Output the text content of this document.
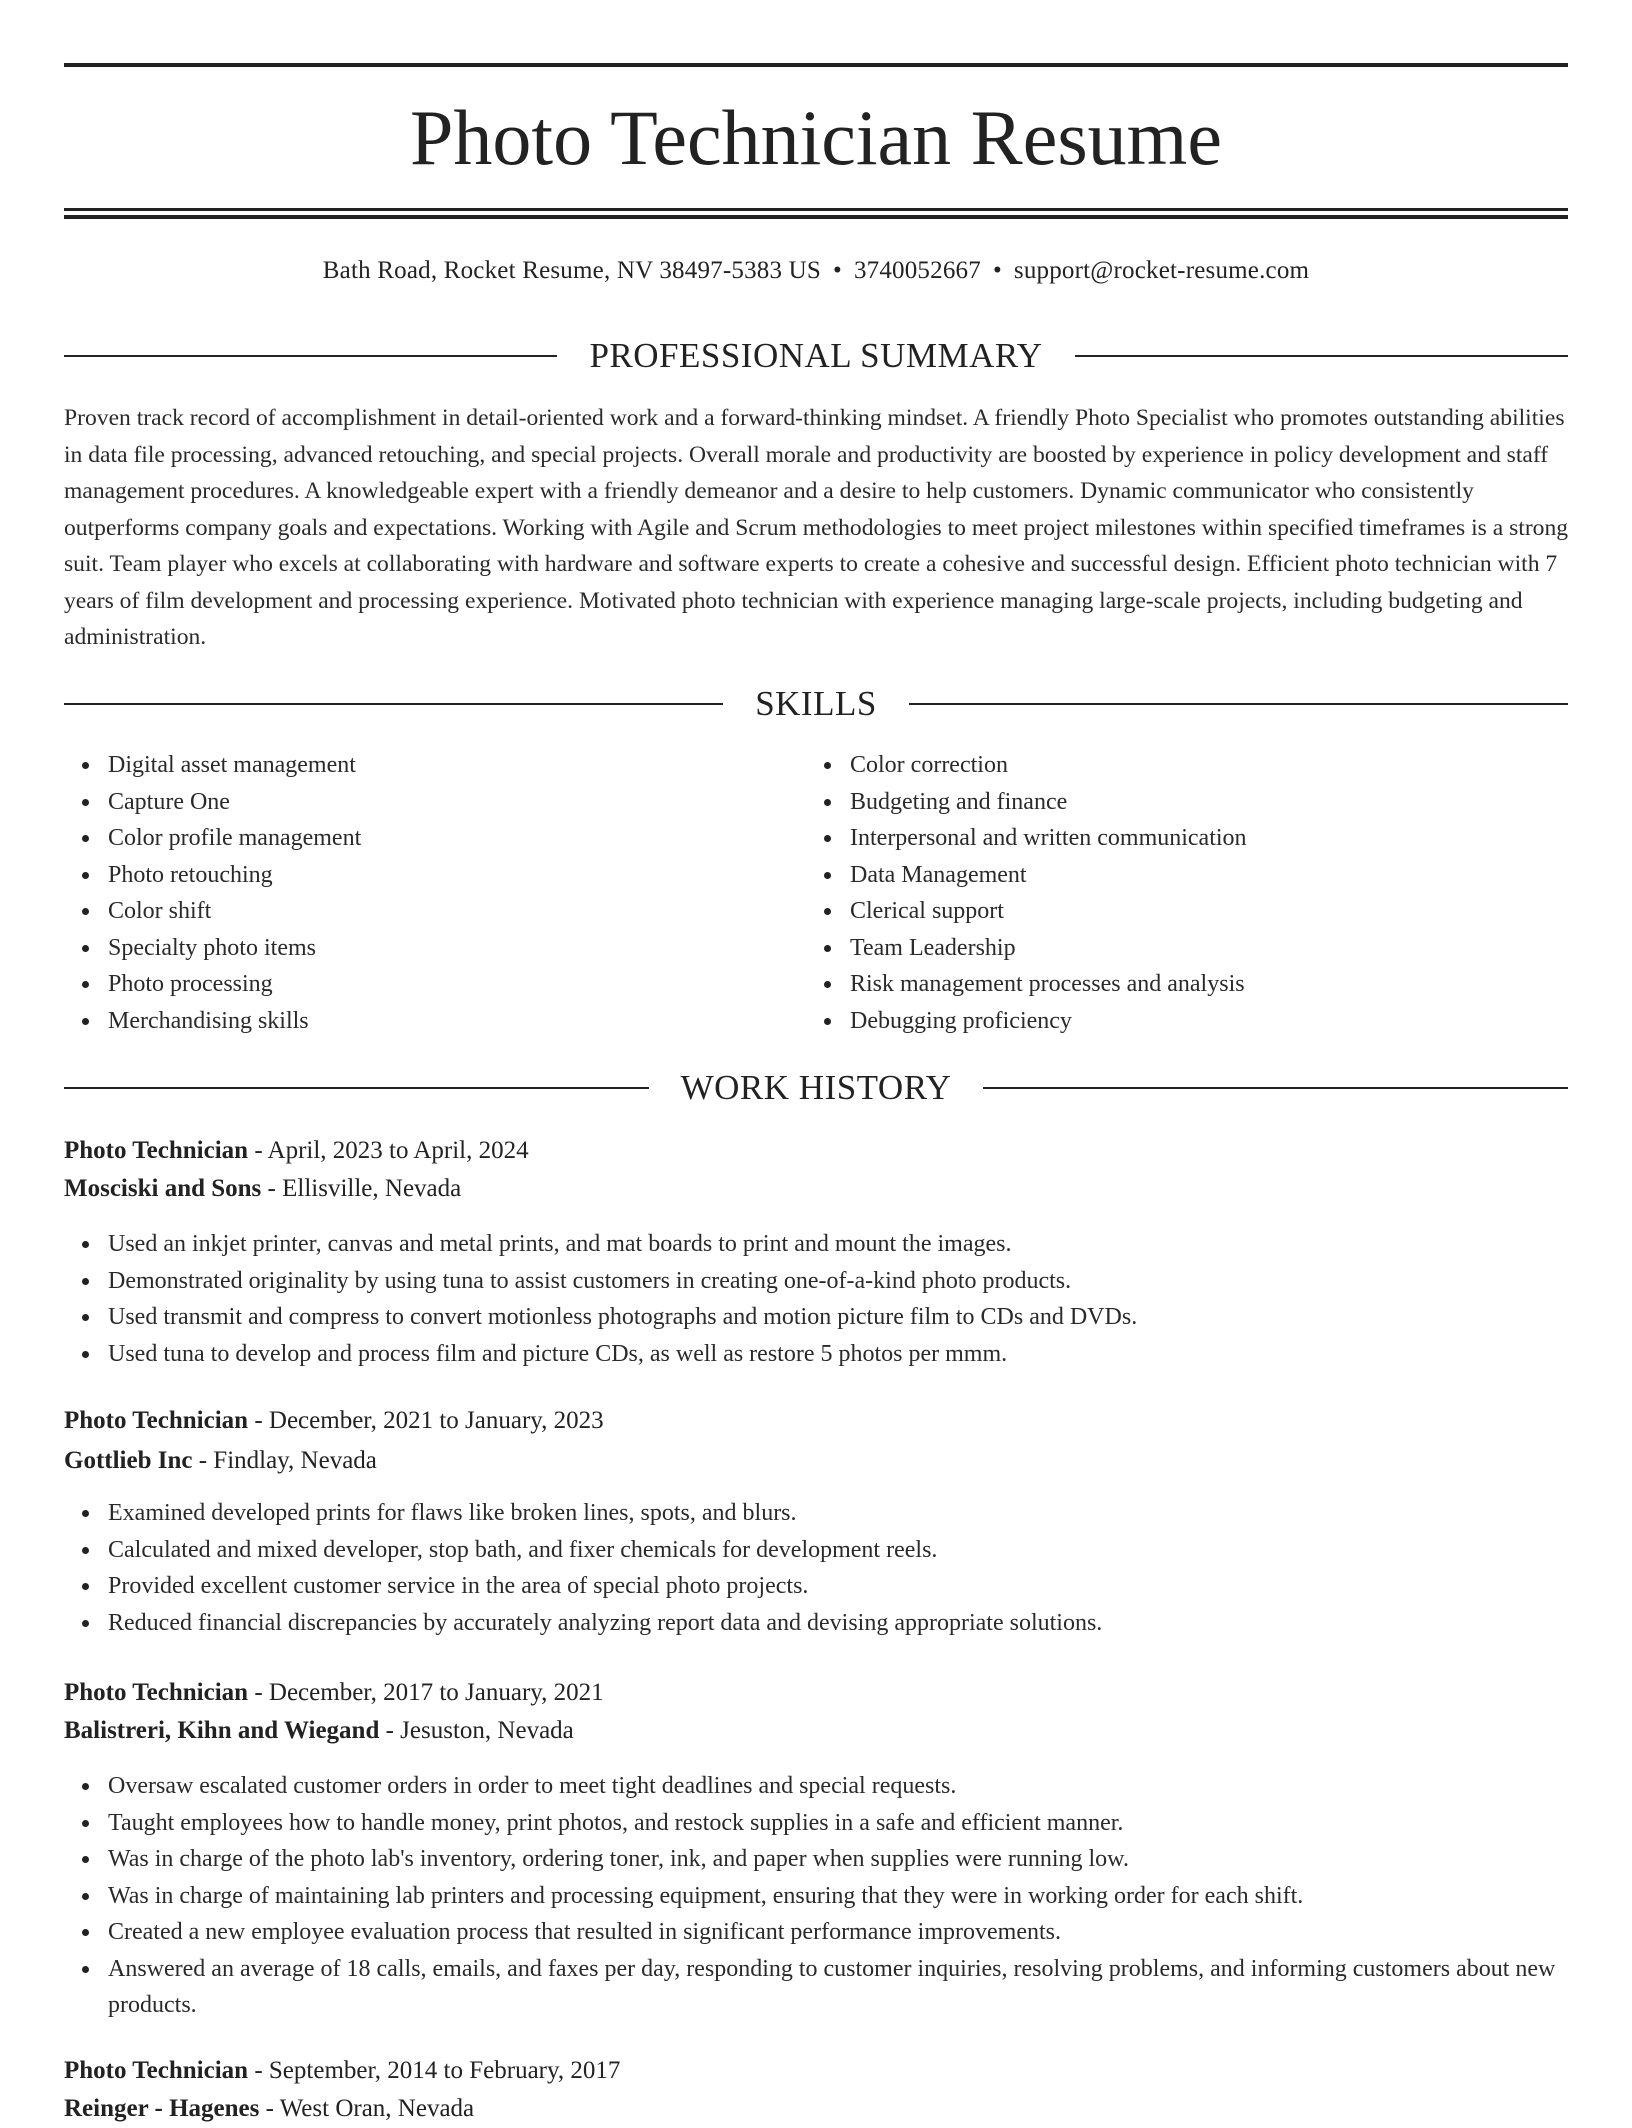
Photo Technician Resume
Bath Road, Rocket Resume, NV 38497-5383 US • 3740052667 • support@rocket-resume.com
PROFESSIONAL SUMMARY

Proven track record of accomplishment in detail-oriented work and a forward-thinking mindset. A friendly Photo Specialist who promotes outstanding abilities in data file processing, advanced retouching, and special projects. Overall morale and productivity are boosted by experience in policy development and staff management procedures. A knowledgeable expert with a friendly demeanor and a desire to help customers. Dynamic communicator who consistently outperforms company goals and expectations. Working with Agile and Scrum methodologies to meet project milestones within specified timeframes is a strong suit. Team player who excels at collaborating with hardware and software experts to create a cohesive and successful design. Efficient photo technician with 7 years of film development and processing experience. Motivated photo technician with experience managing large-scale projects, including budgeting and administration.

SKILLS
Digital asset management
Capture One
Color profile management
Photo retouching
Color shift
Specialty photo items
Photo processing
Merchandising skills
Color correction
Budgeting and finance
Interpersonal and written communication
Data Management
Clerical support
Team Leadership
Risk management processes and analysis
Debugging proficiency
WORK HISTORY
Photo Technician - April, 2023 to April, 2024
Mosciski and Sons - Ellisville, Nevada
Used an inkjet printer, canvas and metal prints, and mat boards to print and mount the images.
Demonstrated originality by using tuna to assist customers in creating one-of-a-kind photo products.
Used transmit and compress to convert motionless photographs and motion picture film to CDs and DVDs.
Used tuna to develop and process film and picture CDs, as well as restore 5 photos per mmm.
Photo Technician - December, 2021 to January, 2023
Gottlieb Inc - Findlay, Nevada
Examined developed prints for flaws like broken lines, spots, and blurs.
Calculated and mixed developer, stop bath, and fixer chemicals for development reels.
Provided excellent customer service in the area of special photo projects.
Reduced financial discrepancies by accurately analyzing report data and devising appropriate solutions.
Photo Technician - December, 2017 to January, 2021
Balistreri, Kihn and Wiegand - Jesuston, Nevada
Oversaw escalated customer orders in order to meet tight deadlines and special requests.
Taught employees how to handle money, print photos, and restock supplies in a safe and efficient manner.
Was in charge of the photo lab's inventory, ordering toner, ink, and paper when supplies were running low.
Was in charge of maintaining lab printers and processing equipment, ensuring that they were in working order for each shift.
Created a new employee evaluation process that resulted in significant performance improvements.
Answered an average of 18 calls, emails, and faxes per day, responding to customer inquiries, resolving problems, and informing customers about new products.
Photo Technician - September, 2014 to February, 2017
Reinger - Hagenes - West Oran, Nevada
